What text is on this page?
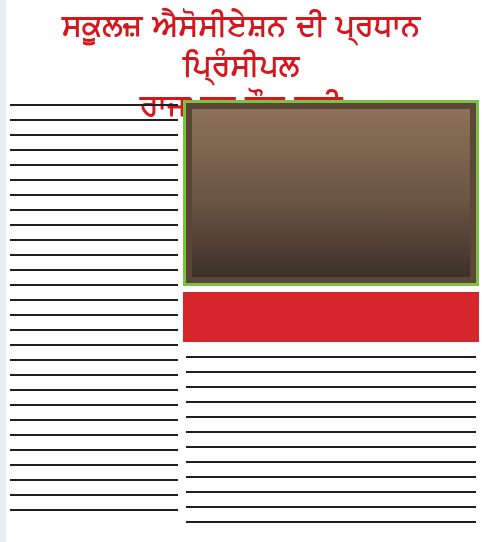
ਸਕੂਲਜ਼ ਐਸੋਸੀਏਸ਼ਨ ਦੀ ਪ੍ਰਧਾਨ ਪ੍ਰਿੰਸੀਪਲ
